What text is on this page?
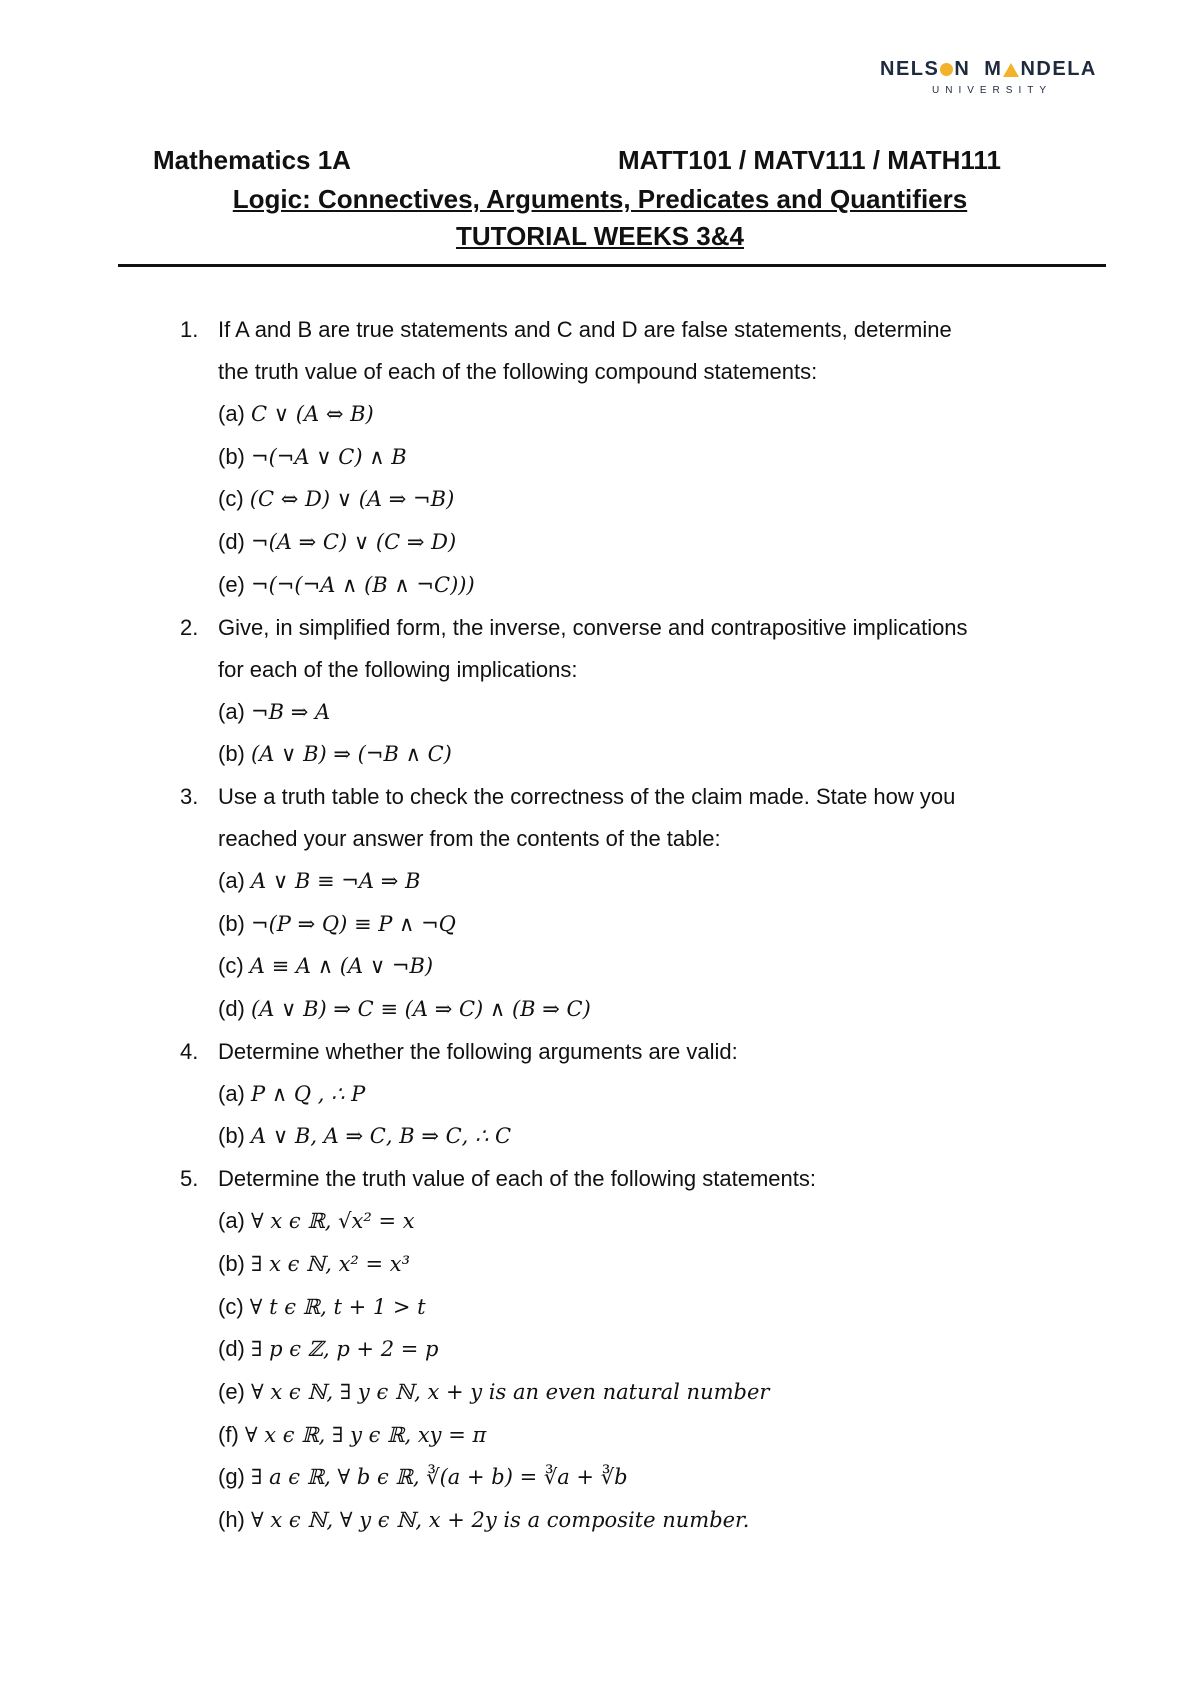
NELS N M NDELA
UNIVERSITY
Mathematics 1A	MATT101 / MATV111 / MATH111
Logic: Connectives, Arguments, Predicates and Quantifiers
TUTORIAL WEEKS 3&4
1. If A and B are true statements and C and D are false statements, determine
the truth value of each of the following compound statements:
(a) 𝐶 ∨ (𝐴 ⇔ 𝐵)
(b) ¬(¬𝐴 ∨ 𝐶) ∧ 𝐵
(c) (𝐶 ⇔ 𝐷) ∨ (𝐴 ⇒ ¬𝐵)
(d) ¬(𝐴 ⇒ 𝐶) ∨ (𝐶 ⇒ 𝐷)
(e) ¬(¬(¬𝐴 ∧ (𝐵 ∧ ¬𝐶)))
2. Give, in simplified form, the inverse, converse and contrapositive implications
for each of the following implications:
(a) ¬𝐵 ⇒ 𝐴
(b) (𝐴 ∨ 𝐵) ⇒ (¬𝐵 ∧ 𝐶)
3. Use a truth table to check the correctness of the claim made. State how you
reached your answer from the contents of the table:
(a) 𝐴 ∨ 𝐵 ≡ ¬𝐴 ⇒ 𝐵
(b) ¬(𝑃 ⇒ 𝑄) ≡ 𝑃 ∧ ¬𝑄
(c) 𝐴 ≡ 𝐴 ∧ (𝐴 ∨ ¬𝐵)
(d) (𝐴 ∨ 𝐵) ⇒ 𝐶 ≡ (𝐴 ⇒ 𝐶) ∧ (𝐵 ⇒ 𝐶)
4. Determine whether the following arguments are valid:
(a) 𝑃 ∧ 𝑄 , ∴ 𝑃
(b) 𝐴 ∨ 𝐵, 𝐴 ⇒ 𝐶, 𝐵 ⇒ 𝐶, ∴ 𝐶
5. Determine the truth value of each of the following statements:
(a) ∀ 𝑥 ϵ ℝ, √𝑥² = 𝑥
(b) ∃ 𝑥 ϵ ℕ, 𝑥² = 𝑥³
(c) ∀ 𝑡 ϵ ℝ, 𝑡 + 1 > 𝑡
(d) ∃ 𝑝 ϵ ℤ, 𝑝 + 2 = 𝑝
(e) ∀ 𝑥 ϵ ℕ, ∃ 𝑦 ϵ ℕ, 𝑥 + 𝑦 is an even natural number
(f) ∀ 𝑥 ϵ ℝ, ∃ 𝑦 ϵ ℝ, 𝑥𝑦 = 𝜋
(g) ∃ 𝑎 ϵ ℝ, ∀ 𝑏 ϵ ℝ, ∛(𝑎 + 𝑏) = ∛𝑎 + ∛𝑏
(h) ∀ 𝑥 ϵ ℕ, ∀ 𝑦 ϵ ℕ, 𝑥 + 2𝑦 is a composite number.
